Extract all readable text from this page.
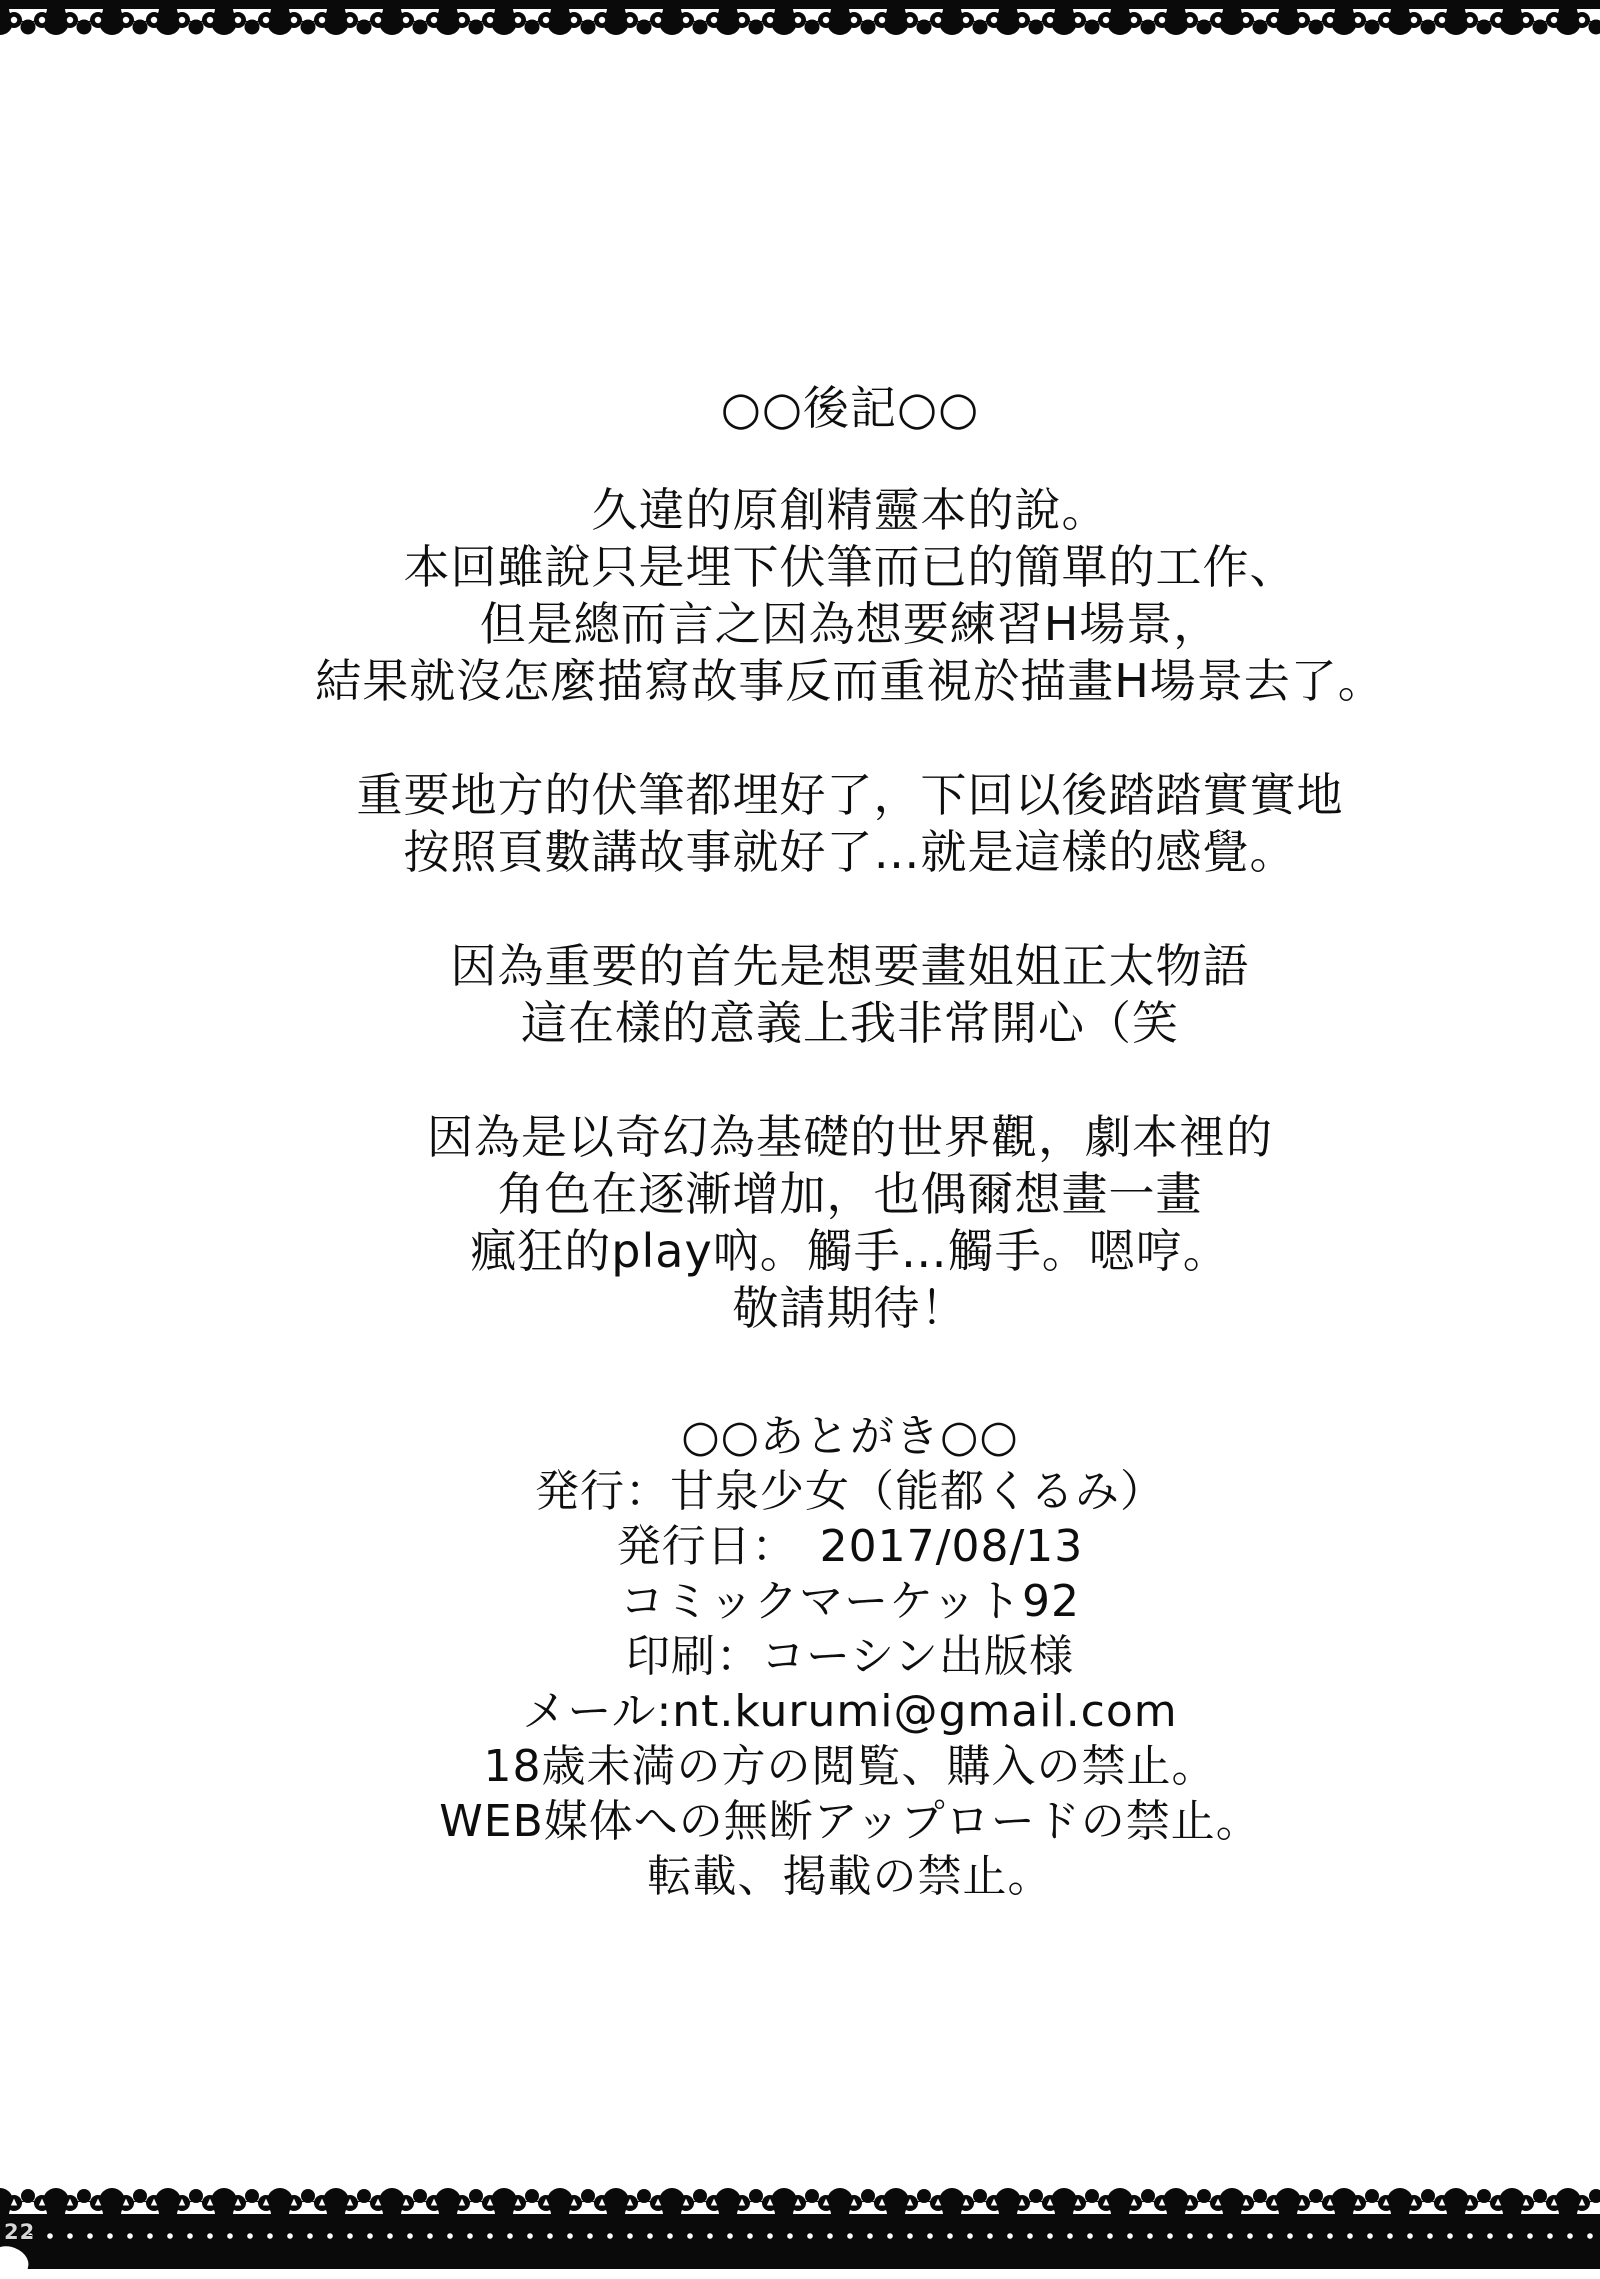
○○後記○○
久違的原創精靈本的說。
本回雖說只是埋下伏筆而已的簡單的工作、
但是總而言之因為想要練習H場景，
結果就沒怎麼描寫故事反而重視於描畫H場景去了。
重要地方的伏筆都埋好了，下回以後踏踏實實地
按照頁數講故事就好了…就是這樣的感覺。
因為重要的首先是想要畫姐姐正太物語
這在樣的意義上我非常開心（笑
因為是以奇幻為基礎的世界觀，劇本裡的
角色在逐漸增加，也偶爾想畫一畫
瘋狂的play吶。觸手…觸手。嗯哼。
敬請期待！
○○あとがき○○
発行：甘泉少女（能都くるみ）
発行日：　2017/08/13
コミックマーケット92
印刷：コーシン出版様
メール:nt.kurumi@gmail.com
18歳未満の方の閲覧、購入の禁止。
WEB媒体への無断アップロードの禁止。
転載、掲載の禁止。
22
